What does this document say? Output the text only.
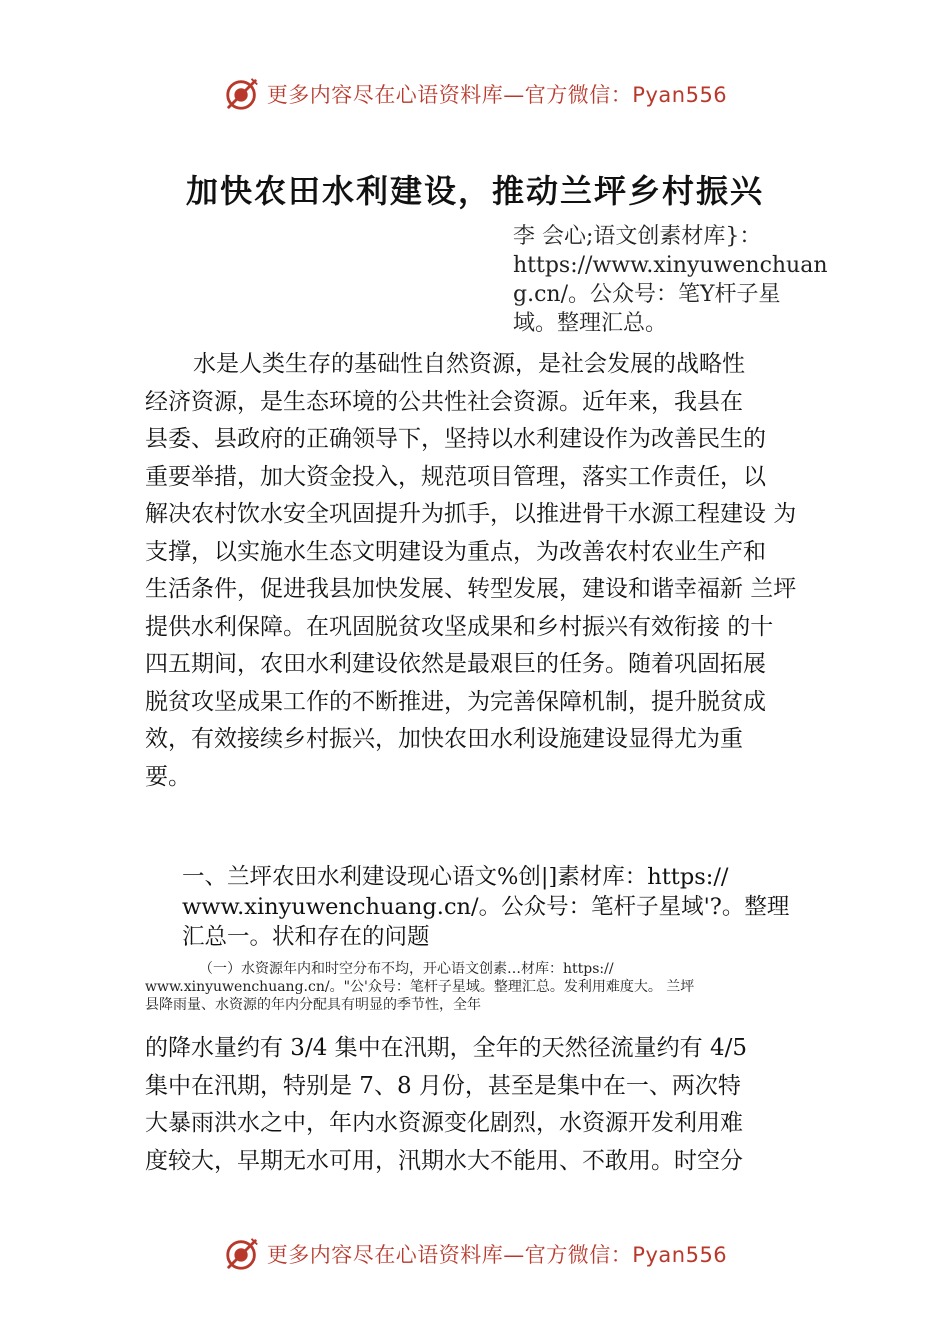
更多内容尽在心语资料库—官方微信：Pyan556
加快农田水利建设，推动兰坪乡村振兴
李 会心;语文创素材库}：
https://www.xinyuwenchuan
g.cn/。公众号：笔Y杆子星
域。整理汇总。
水是人类生存的基础性自然资源，是社会发展的战略性
经济资源，是生态环境的公共性社会资源。近年来，我县在
县委、县政府的正确领导下，坚持以水利建设作为改善民生的
重要举措，加大资金投入，规范项目管理，落实工作责任，以
解决农村饮水安全巩固提升为抓手，以推进骨干水源工程建设 为
支撑，以实施水生态文明建设为重点，为改善农村农业生产和
生活条件，促进我县加快发展、转型发展，建设和谐幸福新 兰坪
提供水利保障。在巩固脱贫攻坚成果和乡村振兴有效衔接 的十
四五期间，农田水利建设依然是最艰巨的任务。随着巩固拓展
脱贫攻坚成果工作的不断推进，为完善保障机制，提升脱贫成
效，有效接续乡村振兴，加快农田水利设施建设显得尤为重
要。
一、兰坪农田水利建设现心语文%创|]素材库：https://
www.xinyuwenchuang.cn/。公众号：笔杆子星域'?。整理
汇总一。状和存在的问题
（一）水资源年内和时空分布不均，开心语文创素…材库：https://
www.xinyuwenchuang.cn/。"公'众号：笔杆子星域。整理汇总。发利用难度大。 兰坪
县降雨量、水资源的年内分配具有明显的季节性，全年
的降水量约有 3/4 集中在汛期，全年的天然径流量约有 4/5
集中在汛期，特别是 7、8 月份，甚至是集中在一、两次特
大暴雨洪水之中，年内水资源变化剧烈，水资源开发利用难
度较大，早期无水可用，汛期水大不能用、不敢用。时空分
更多内容尽在心语资料库—官方微信：Pyan556
